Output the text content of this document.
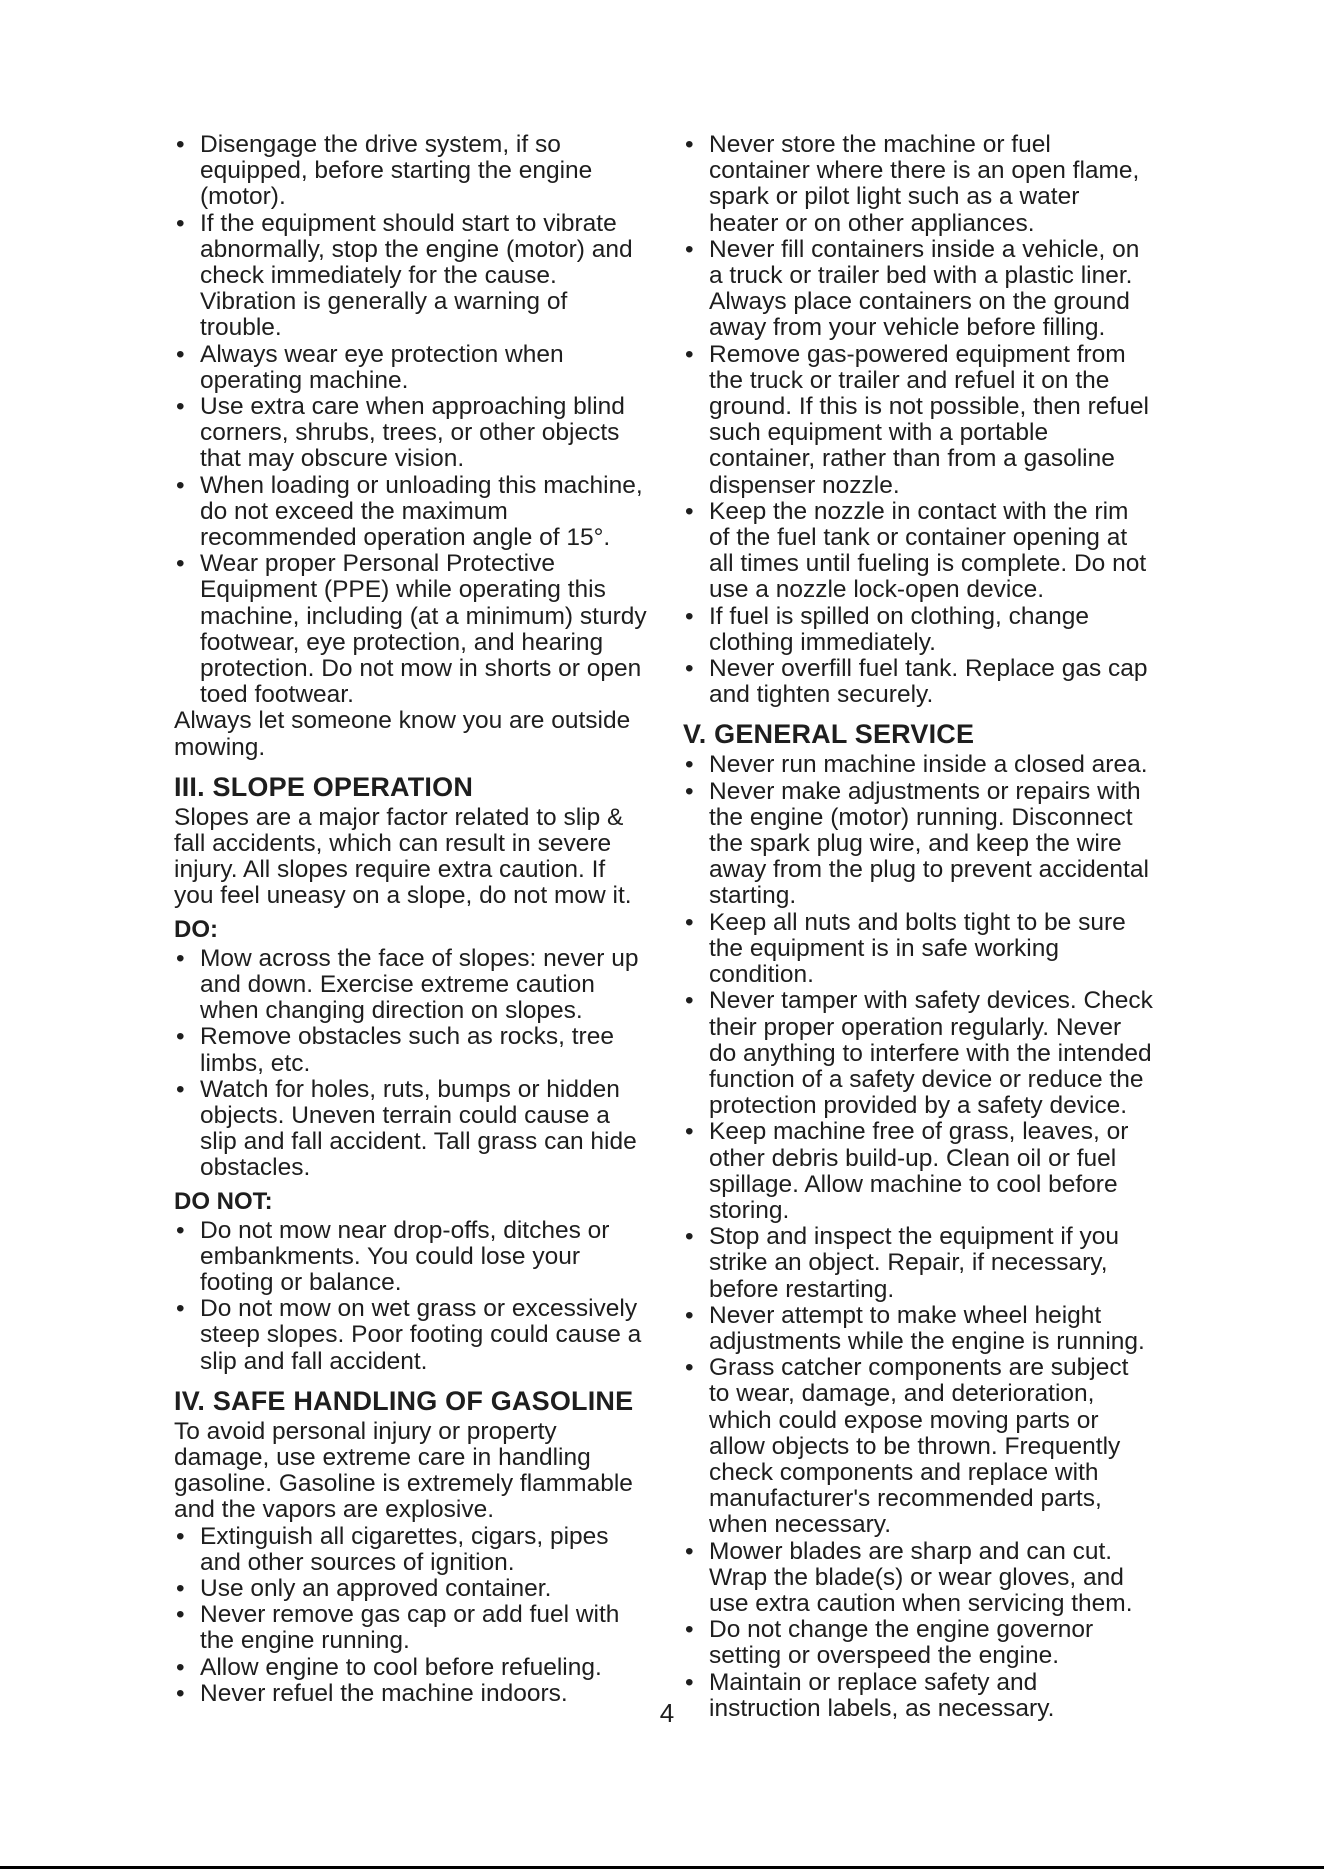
• Disengage the drive system, if so equipped, before starting the engine (motor).
• If the equipment should start to vibrate abnormally, stop the engine (motor) and check immediately for the cause. Vibration is generally a warning of trouble.
• Always wear eye protection when operating machine.
• Use extra care when approaching blind corners, shrubs, trees, or other objects that may obscure vision.
• When loading or unloading this machine, do not exceed the maximum recommended operation angle of 15°.
• Wear proper Personal Protective Equipment (PPE) while operating this machine, including (at a minimum) sturdy footwear, eye protection, and hearing protection. Do not mow in shorts or open toed footwear.

Always let someone know you are outside mowing.

III. SLOPE OPERATION

Slopes are a major factor related to slip & fall accidents, which can result in severe injury. All slopes require extra caution. If you feel uneasy on a slope, do not mow it.

DO:
• Mow across the face of slopes: never up and down. Exercise extreme caution when changing direction on slopes.
• Remove obstacles such as rocks, tree limbs, etc.
• Watch for holes, ruts, bumps or hidden objects. Uneven terrain could cause a slip and fall accident. Tall grass can hide obstacles.
DO NOT:
• Do not mow near drop-offs, ditches or embankments. You could lose your footing or balance.
• Do not mow on wet grass or excessively steep slopes. Poor footing could cause a slip and fall accident.
IV. SAFE HANDLING OF GASOLINE

To avoid personal injury or property damage, use extreme care in handling gasoline. Gasoline is extremely flammable and the vapors are explosive.

• Extinguish all cigarettes, cigars, pipes and other sources of ignition.
• Use only an approved container.
• Never remove gas cap or add fuel with the engine running.
• Allow engine to cool before refueling.
• Never refuel the machine indoors.
• Never store the machine or fuel container where there is an open flame, spark or pilot light such as a water heater or on other appliances.
• Never fill containers inside a vehicle, on a truck or trailer bed with a plastic liner. Always place containers on the ground away from your vehicle before filling.
• Remove gas-powered equipment from the truck or trailer and refuel it on the ground. If this is not possible, then refuel such equipment with a portable container, rather than from a gasoline dispenser nozzle.
• Keep the nozzle in contact with the rim of the fuel tank or container opening at all times until fueling is complete. Do not use a nozzle lock-open device.
• If fuel is spilled on clothing, change clothing immediately.
• Never overfill fuel tank. Replace gas cap and tighten securely.
V. GENERAL SERVICE
• Never run machine inside a closed area.
• Never make adjustments or repairs with the engine (motor) running. Disconnect the spark plug wire, and keep the wire away from the plug to prevent accidental starting.
• Keep all nuts and bolts tight to be sure the equipment is in safe working condition.
• Never tamper with safety devices. Check their proper operation regularly. Never do anything to interfere with the intended function of a safety device or reduce the protection provided by a safety device.
• Keep machine free of grass, leaves, or other debris build-up. Clean oil or fuel spillage. Allow machine to cool before storing.
• Stop and inspect the equipment if you strike an object. Repair, if necessary, before restarting.
• Never attempt to make wheel height adjustments while the engine is running.
• Grass catcher components are subject to wear, damage, and deterioration, which could expose moving parts or allow objects to be thrown. Frequently check components and replace with manufacturer's recommended parts, when necessary.
• Mower blades are sharp and can cut. Wrap the blade(s) or wear gloves, and use extra caution when servicing them.
• Do not change the engine governor setting or overspeed the engine.
• Maintain or replace safety and instruction labels, as necessary.
4
